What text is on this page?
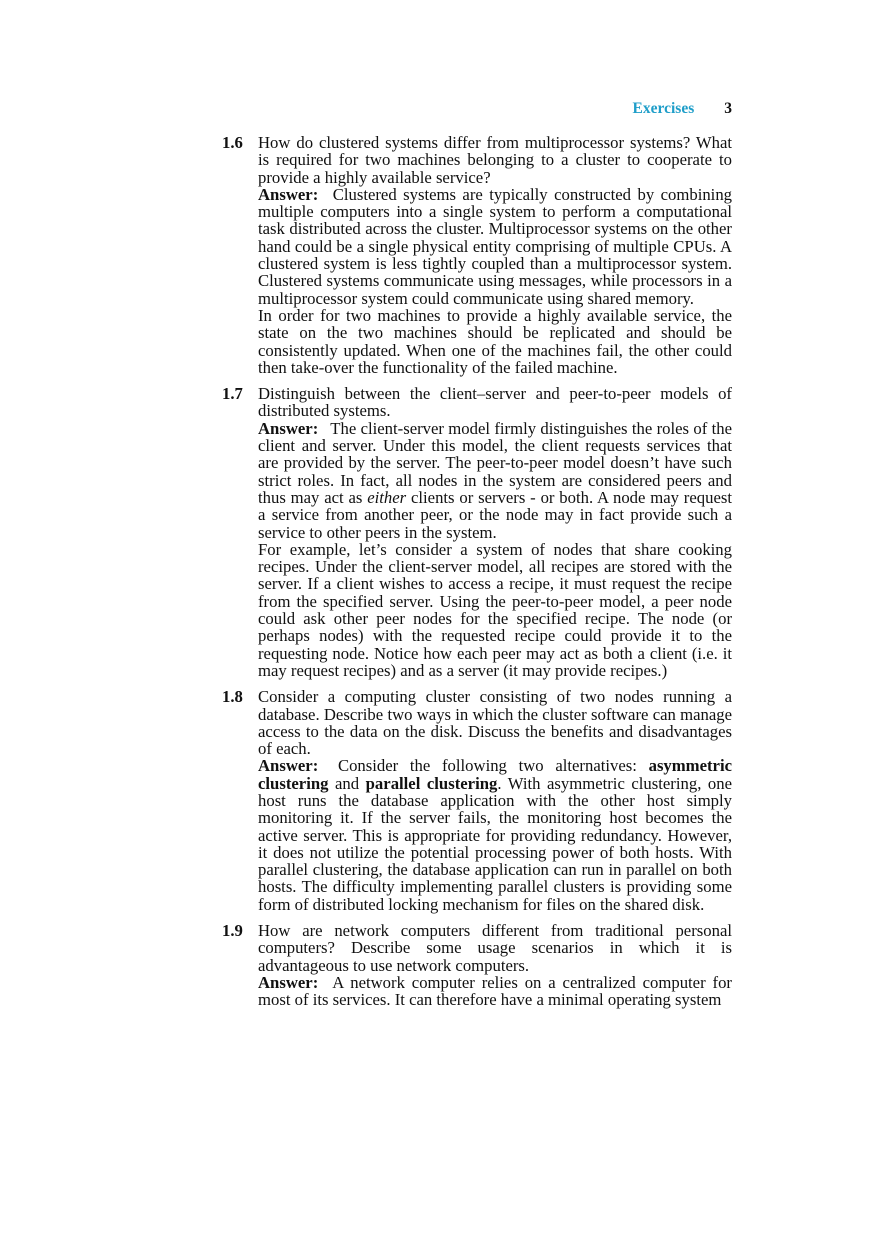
Exercises 3
1.6 How do clustered systems differ from multiprocessor systems? What is required for two machines belonging to a cluster to cooperate to provide a highly available service?

Answer: Clustered systems are typically constructed by combining multiple computers into a single system to perform a computational task distributed across the cluster. Multiprocessor systems on the other hand could be a single physical entity comprising of multiple CPUs. A clustered system is less tightly coupled than a multiprocessor system. Clustered systems communicate using messages, while processors in a multiprocessor system could communicate using shared memory.

In order for two machines to provide a highly available service, the state on the two machines should be replicated and should be consistently updated. When one of the machines fail, the other could then take-over the functionality of the failed machine.

1.7 Distinguish between the client–server and peer-to-peer models of distributed systems.

Answer: The client-server model firmly distinguishes the roles of the client and server. Under this model, the client requests services that are provided by the server. The peer-to-peer model doesn’t have such strict roles. In fact, all nodes in the system are considered peers and thus may act as either clients or servers - or both. A node may request a service from another peer, or the node may in fact provide such a service to other peers in the system.

For example, let’s consider a system of nodes that share cooking recipes. Under the client-server model, all recipes are stored with the server. If a client wishes to access a recipe, it must request the recipe from the specified server. Using the peer-to-peer model, a peer node could ask other peer nodes for the specified recipe. The node (or perhaps nodes) with the requested recipe could provide it to the requesting node. Notice how each peer may act as both a client (i.e. it may request recipes) and as a server (it may provide recipes.)

1.8 Consider a computing cluster consisting of two nodes running a database. Describe two ways in which the cluster software can manage access to the data on the disk. Discuss the benefits and disadvantages of each.

Answer: Consider the following two alternatives: asymmetric clustering and parallel clustering. With asymmetric clustering, one host runs the database application with the other host simply monitoring it. If the server fails, the monitoring host becomes the active server. This is appropriate for providing redundancy. However, it does not utilize the potential processing power of both hosts. With parallel clustering, the database application can run in parallel on both hosts. The difficulty implementing parallel clusters is providing some form of distributed locking mechanism for files on the shared disk.

1.9 How are network computers different from traditional personal computers? Describe some usage scenarios in which it is advantageous to use network computers.

Answer: A network computer relies on a centralized computer for most of its services. It can therefore have a minimal operating system
